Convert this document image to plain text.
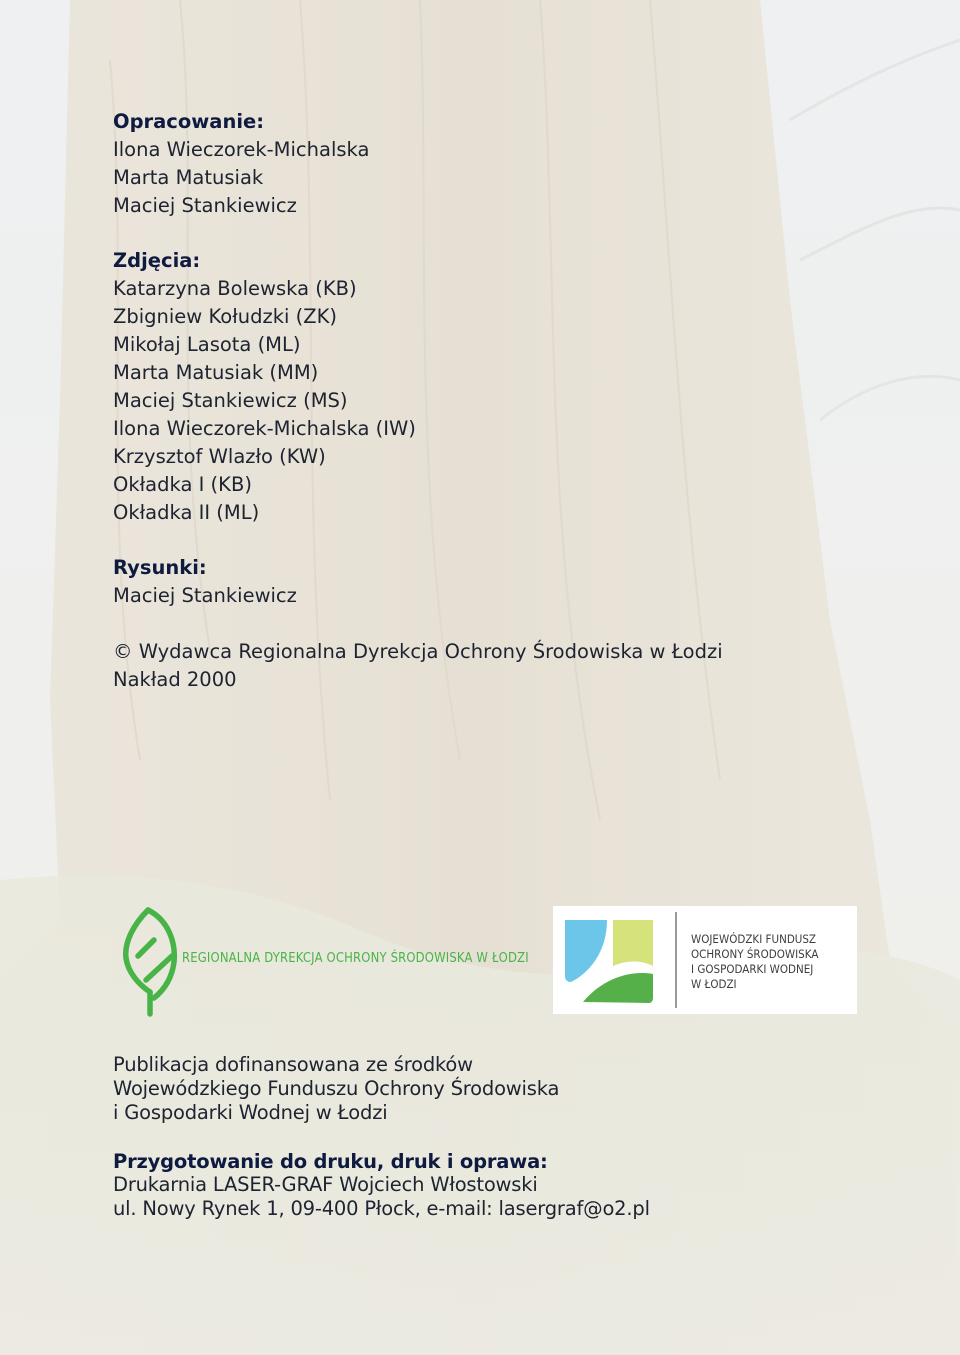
Opracowanie:
Ilona Wieczorek-Michalska
Marta Matusiak
Maciej Stankiewicz
Zdjęcia:
Katarzyna Bolewska (KB)
Zbigniew Kołudzki (ZK)
Mikołaj Lasota (ML)
Marta Matusiak (MM)
Maciej Stankiewicz (MS)
Ilona Wieczorek-Michalska (IW)
Krzysztof Wlazło (KW)
Okładka I (KB)
Okładka II (ML)
Rysunki:
Maciej Stankiewicz
© Wydawca Regionalna Dyrekcja Ochrony Środowiska w Łodzi
Nakład 2000
Publikacja dofinansowana ze środków
Wojewódzkiego Funduszu Ochrony Środowiska
i Gospodarki Wodnej w Łodzi
Przygotowanie do druku, druk i oprawa:
Drukarnia LASER-GRAF Wojciech Włostowski
ul. Nowy Rynek 1, 09-400 Płock, e-mail: lasergraf@o2.pl
REGIONALNA DYREKCJA OCHRONY ŚRODOWISKA W ŁODZI
WOJEWÓDZKI FUNDUSZ
OCHRONY ŚRODOWISKA
I GOSPODARKI WODNEJ
W ŁODZI
